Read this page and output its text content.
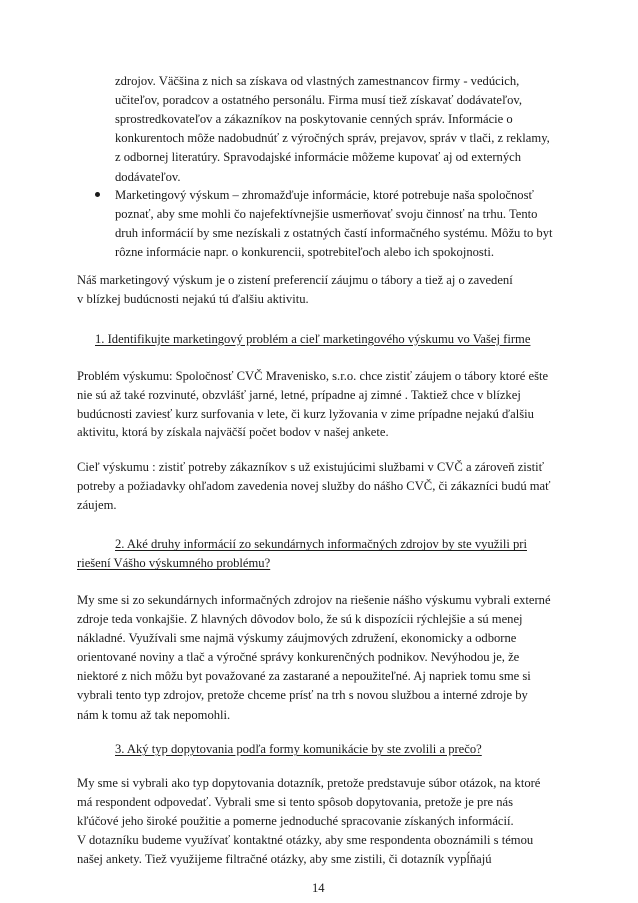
zdrojov. Väčšina z nich sa získava od vlastných zamestnancov firmy - vedúcich,
učiteľov, poradcov a ostatného personálu. Firma musí tiež získavať dodávateľov,
sprostredkovateľov a zákazníkov na poskytovanie cenných správ. Informácie o
konkurentoch môže nadobudnúť z výročných správ, prejavov, správ v tlači, z reklamy,
z odbornej literatúry. Spravodajské informácie môžeme kupovať aj od externých
dodávateľov.
Marketingový výskum – zhromažďuje informácie, ktoré potrebuje naša spoločnosť
poznať, aby sme mohli čo najefektívnejšie usmerňovať svoju činnosť na trhu. Tento
druh informácií by sme nezískali z ostatných častí informačného systému. Môžu to byt
rôzne informácie napr. o konkurencii, spotrebiteľoch alebo ich spokojnosti.
Náš marketingový výskum je o zistení preferencií záujmu o tábory a tiež aj o zavedení
v blízkej budúcnosti nejakú tú ďalšiu aktivitu.
1. Identifikujte marketingový problém a cieľ marketingového výskumu vo Vašej firme
Problém výskumu: Spoločnosť CVČ Mravenisko, s.r.o. chce zistiť záujem o tábory ktoré ešte
nie sú až také rozvinuté, obzvlášť jarné, letné, prípadne aj zimné . Taktiež chce v blízkej
budúcnosti zaviesť kurz surfovania v lete, či kurz lyžovania v zime prípadne nejakú ďalšiu
aktivitu, ktorá by získala najväčší počet bodov v našej ankete.
Cieľ výskumu : zistiť potreby zákazníkov s už existujúcimi službami v CVČ a zároveň zistiť
potreby a požiadavky ohľadom zavedenia novej služby do nášho CVČ, či zákazníci budú mať
záujem.
2. Aké druhy informácií zo sekundárnych informačných zdrojov by ste využili pri
riešení Vášho výskumného problému?
My sme si zo sekundárnych informačných zdrojov na riešenie nášho výskumu vybrali externé
zdroje teda vonkajšie. Z hlavných dôvodov bolo, že sú k dispozícii rýchlejšie a sú menej
nákladné. Využívali sme najmä výskumy záujmových združení, ekonomicky a odborne
orientované noviny a tlač a výročné správy konkurenčných podnikov. Nevýhodou je, že
niektoré z nich môžu byt považované za zastarané a nepoužiteľné. Aj napriek tomu sme si
vybrali tento typ zdrojov, pretože chceme prísť na trh s novou službou a interné zdroje by
nám k tomu až tak nepomohli.
3. Aký typ dopytovania podľa formy komunikácie by ste zvolili a prečo?
My sme si vybrali ako typ dopytovania dotazník, pretože predstavuje súbor otázok, na ktoré
má respondent odpovedať. Vybrali sme si tento spôsob dopytovania, pretože je pre nás
kľúčové jeho široké použitie a pomerne jednoduché spracovanie získaných informácií.
V dotazníku budeme využívať kontaktné otázky, aby sme respondenta oboznámili s témou
našej ankety. Tiež využijeme filtračné otázky, aby sme zistili, či dotazník vypĺňajú
14
